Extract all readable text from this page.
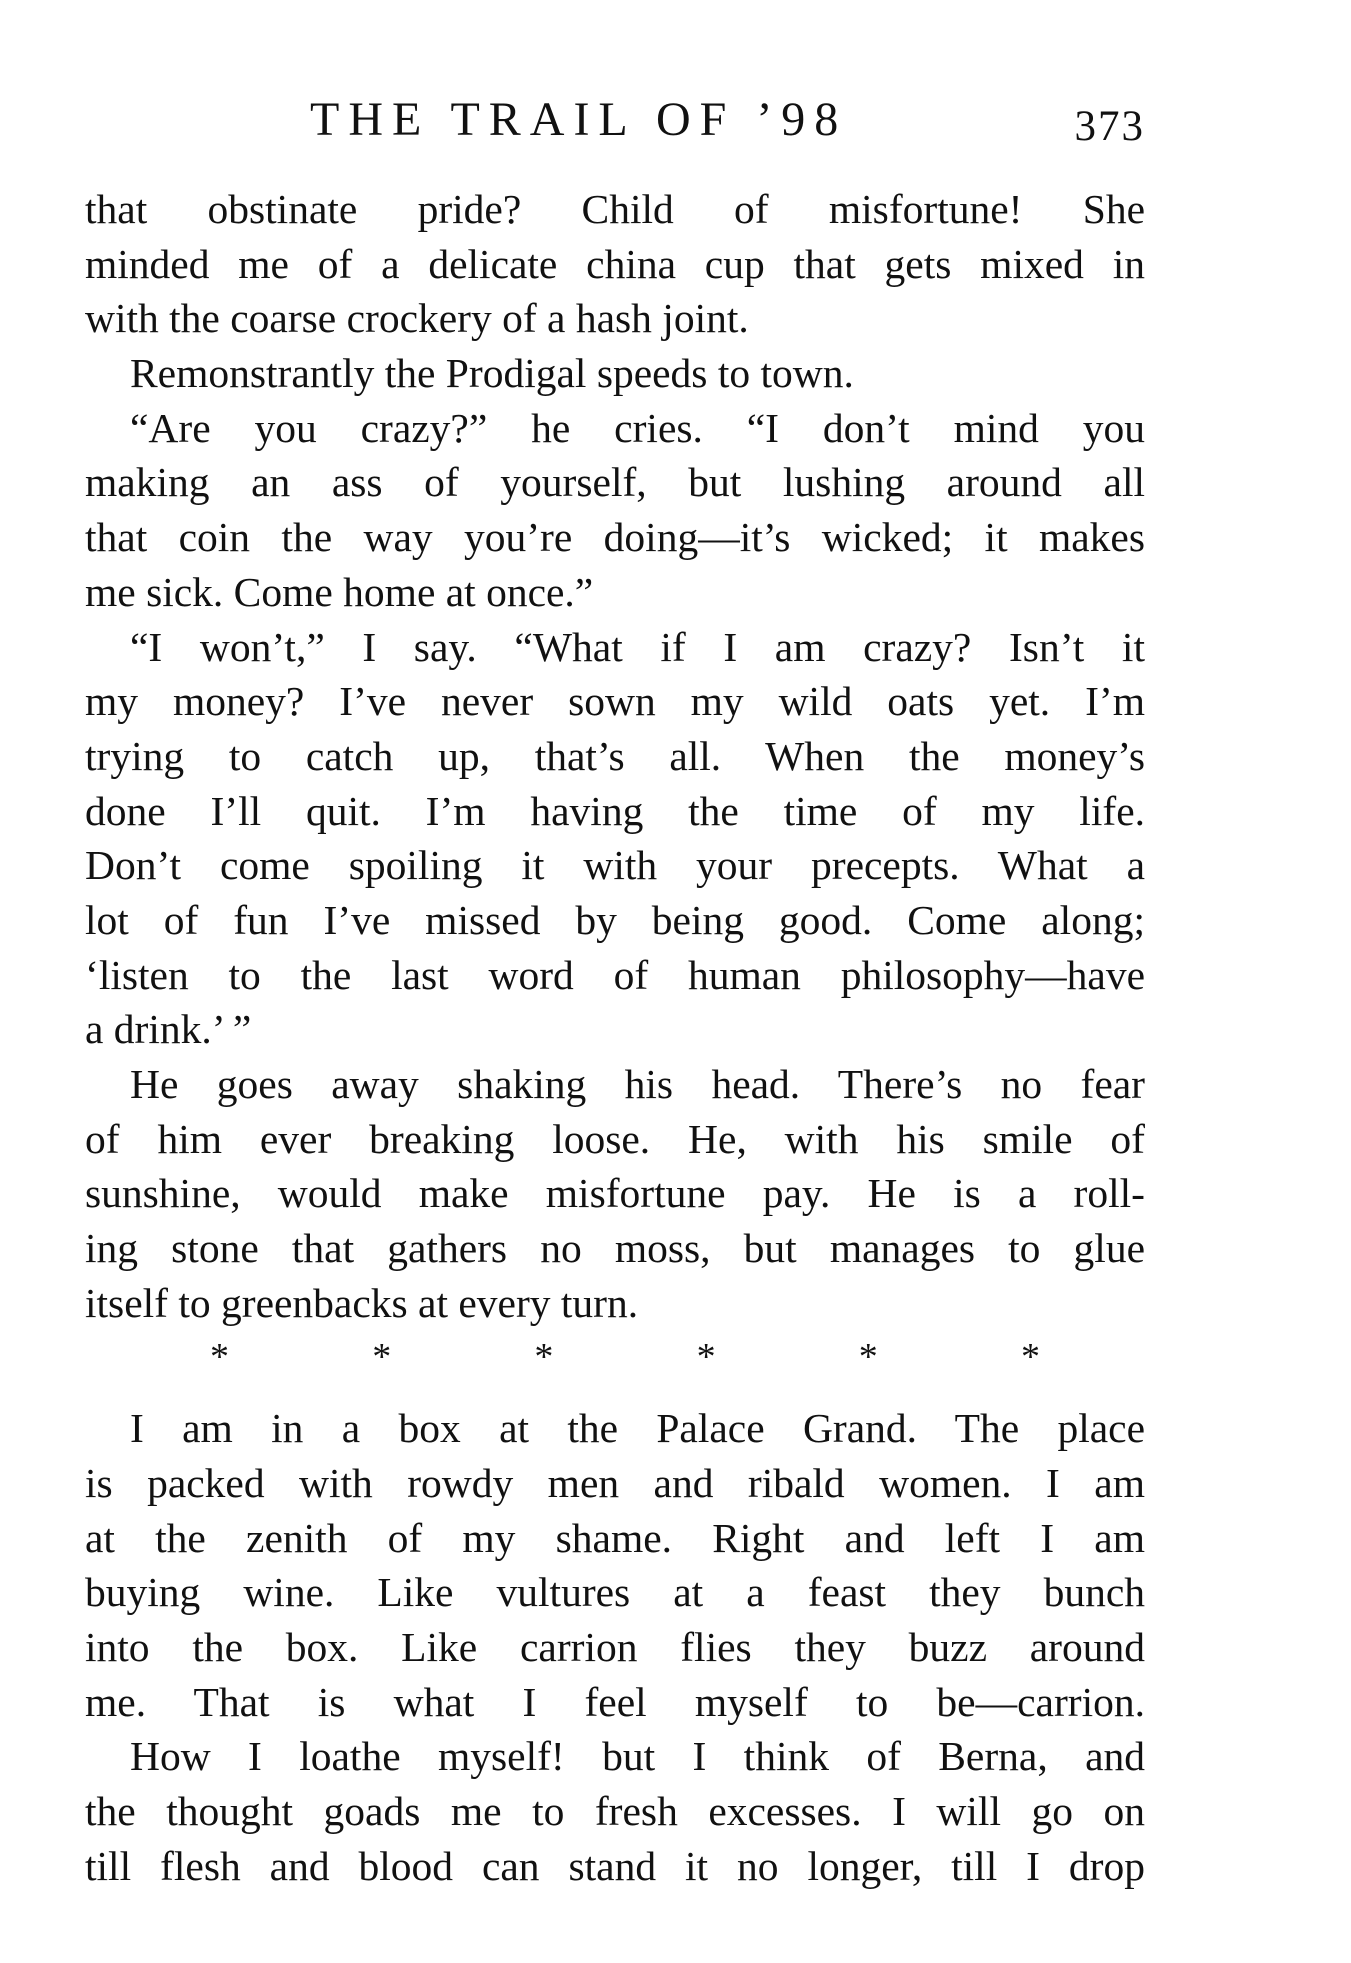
THE TRAIL OF ’98	373
that obstinate pride? Child of misfortune! She
minded me of a delicate china cup that gets mixed in
with the coarse crockery of a hash joint.
Remonstrantly the Prodigal speeds to town.
“Are you crazy?” he cries. “I don’t mind you
making an ass of yourself, but lushing around all
that coin the way you’re doing—it’s wicked; it makes
me sick. Come home at once.”
“I won’t,” I say. “What if I am crazy? Isn’t it
my money? I’ve never sown my wild oats yet. I’m
trying to catch up, that’s all. When the money’s
done I’ll quit. I’m having the time of my life.
Don’t come spoiling it with your precepts. What a
lot of fun I’ve missed by being good. Come along;
‘listen to the last word of human philosophy—have
a drink.’ ”
He goes away shaking his head. There’s no fear
of him ever breaking loose. He, with his smile of
sunshine, would make misfortune pay. He is a roll-
ing stone that gathers no moss, but manages to glue
itself to greenbacks at every turn.
*	*	*	*	*	*
I am in a box at the Palace Grand. The place
is packed with rowdy men and ribald women. I am
at the zenith of my shame. Right and left I am
buying wine. Like vultures at a feast they bunch
into the box. Like carrion flies they buzz around
me. That is what I feel myself to be—carrion.
How I loathe myself! but I think of Berna, and
the thought goads me to fresh excesses. I will go on
till flesh and blood can stand it no longer, till I drop
